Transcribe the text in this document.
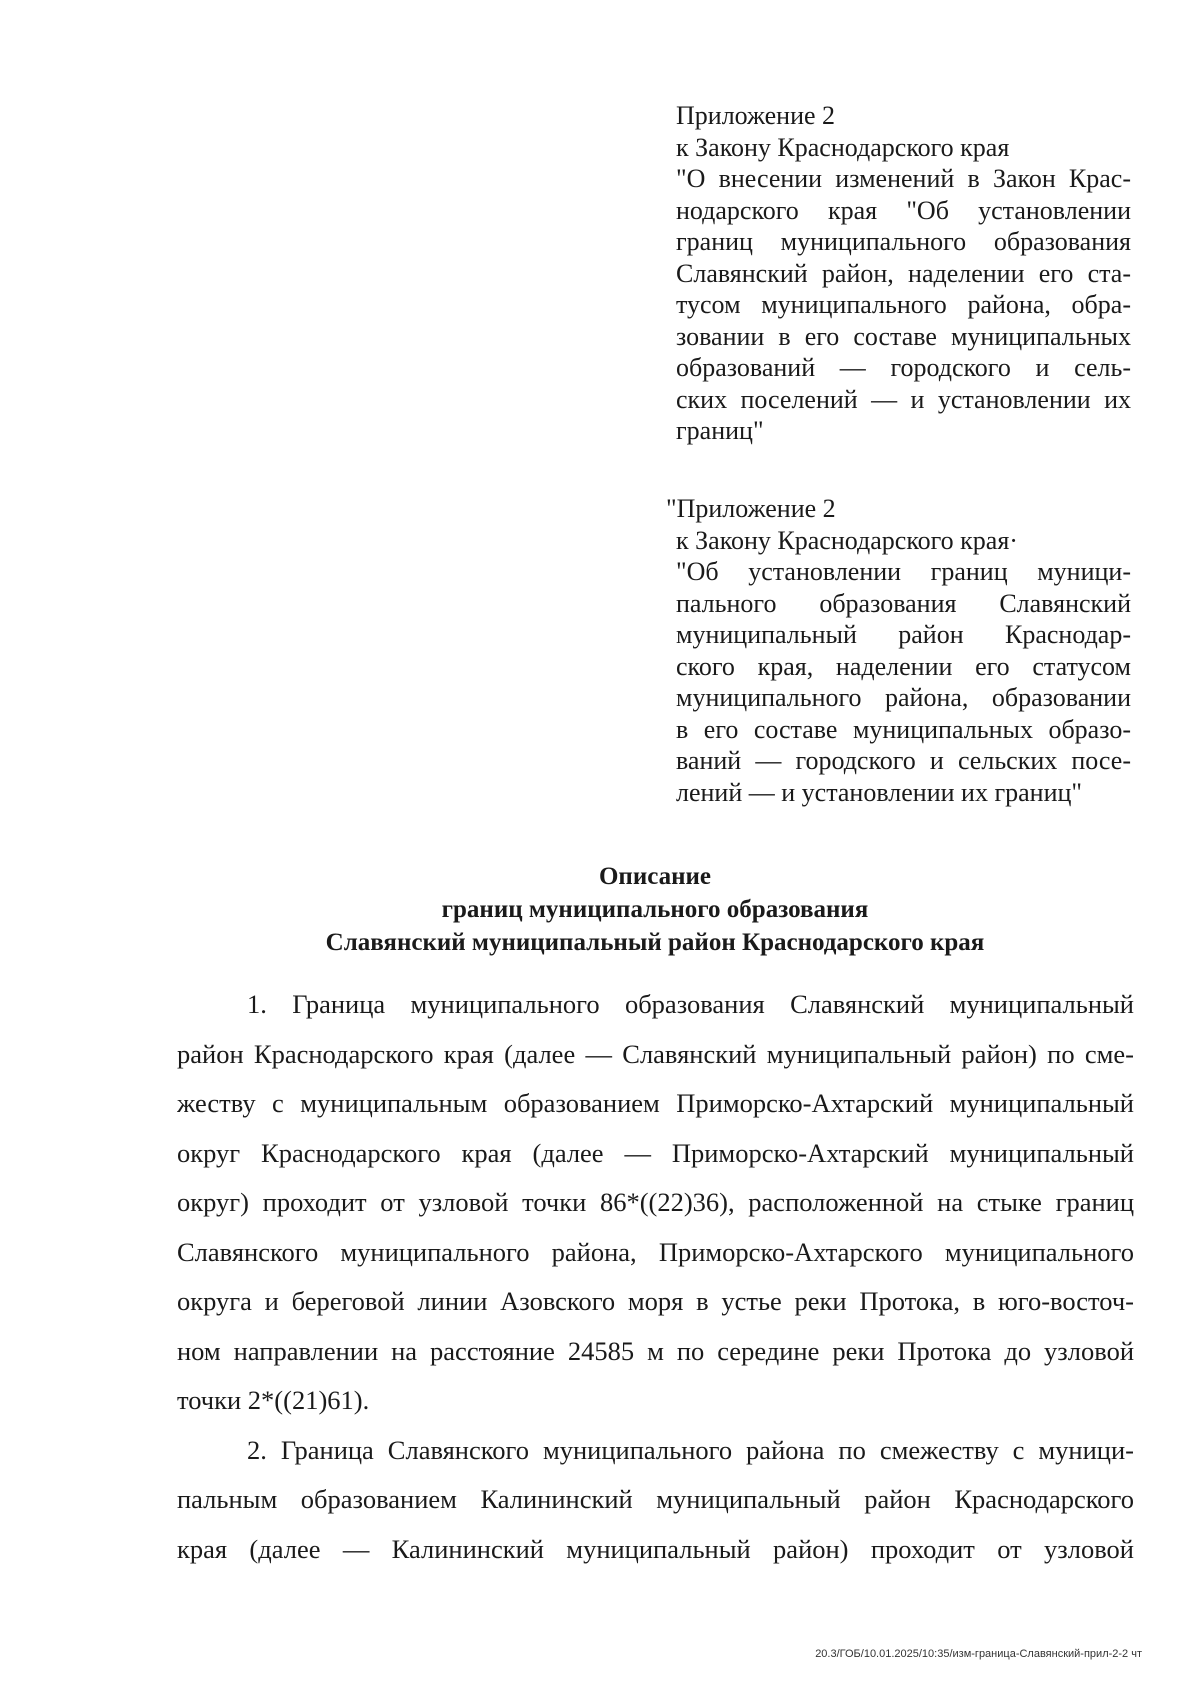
Приложение 2
к Закону Краснодарского края
"О внесении изменений в Закон Крас-
нодарского края "Об установлении
границ муниципального образования
Славянский район, наделении его ста-
тусом муниципального района, обра-
зовании в его составе муниципальных
образований — городского и сель-
ских поселений — и установлении их
границ"
"Приложение 2
к Закону Краснодарского края·
"Об установлении границ муници-
пального образования Славянский
муниципальный район Краснодар-
ского края, наделении его статусом
муниципального района, образовании
в его составе муниципальных образо-
ваний — городского и сельских посе-
лений — и установлении их границ"
Описание
границ муниципального образования
Славянский муниципальный район Краснодарского края
1. Граница муниципального образования Славянский муниципальный
район Краснодарского края (далее — Славянский муниципальный район) по сме-
жеству с муниципальным образованием Приморско-Ахтарский муниципальный
округ Краснодарского края (далее — Приморско-Ахтарский муниципальный
округ) проходит от узловой точки 86*((22)36), расположенной на стыке границ
Славянского муниципального района, Приморско-Ахтарского муниципального
округа и береговой линии Азовского моря в устье реки Протока, в юго-восточ-
ном направлении на расстояние 24585 м по середине реки Протока до узловой
точки 2*((21)61).
2. Граница Славянского муниципального района по смежеству с муници-
пальным образованием Калининский муниципальный район Краснодарского
края (далее — Калининский муниципальный район) проходит от узловой
20.3/ГОБ/10.01.2025/10:35/изм-граница-Славянский-прил-2-2 чт
